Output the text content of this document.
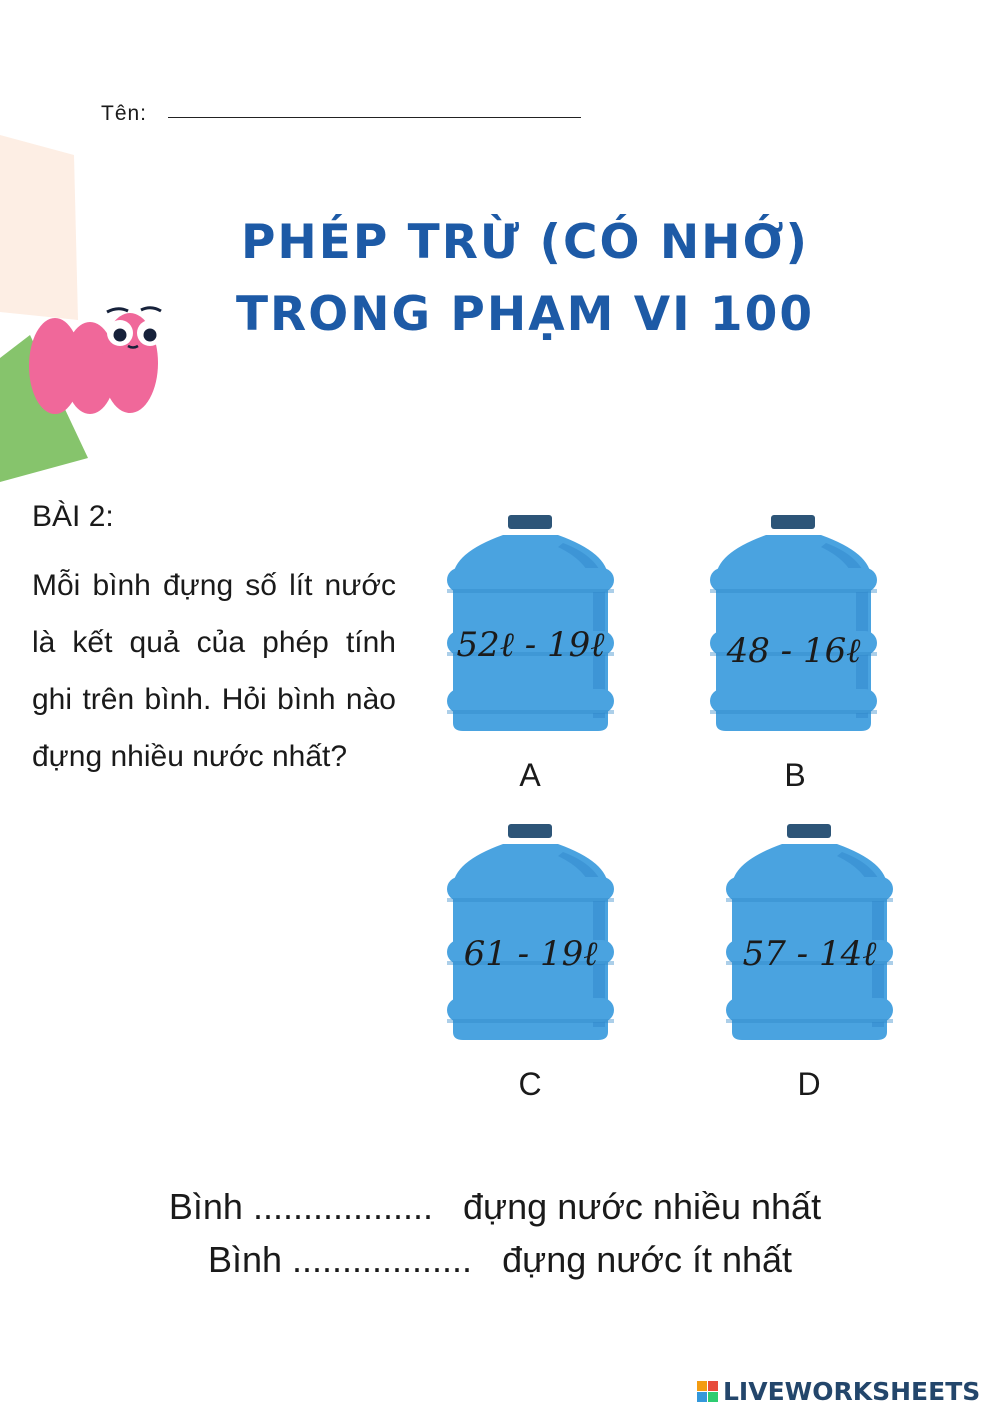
Tên:
PHÉP TRỪ (CÓ NHỚ)
TRONG PHẠM VI 100
BÀI 2:
Mỗi bình đựng số lít nước là kết quả của phép tính ghi trên bình. Hỏi bình nào đựng nhiều nước nhất?
52ℓ - 19ℓ	48 - 16ℓ
61 - 19ℓ	57 - 14ℓ
A	B
C	D
Bình .................. đựng nước nhiều nhất
Bình .................. đựng nước ít nhất
LIVEWORKSHEETS
